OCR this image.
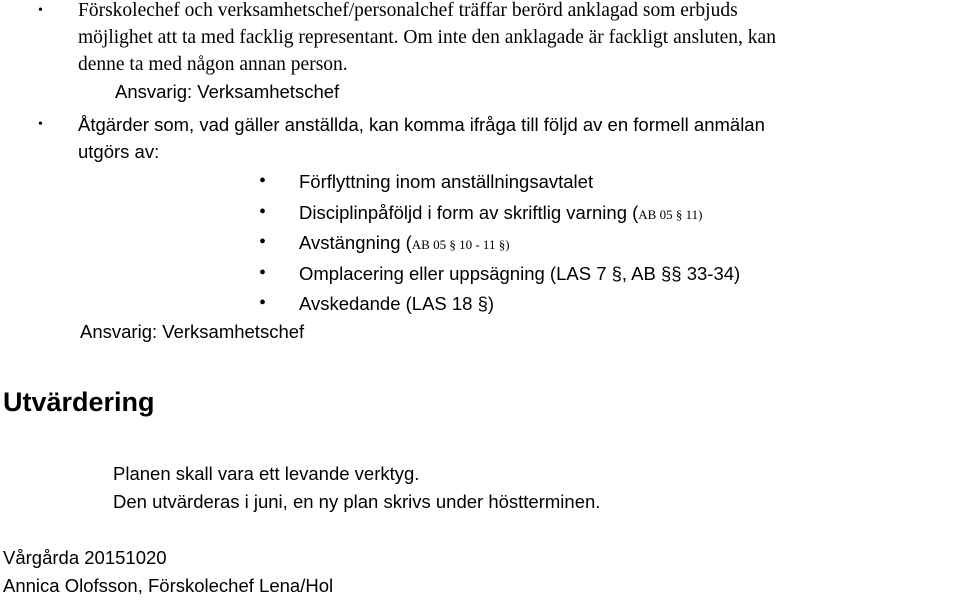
• Förskolechef och verksamhetschef/personalchef träffar berörd anklagad som erbjuds
möjlighet att ta med facklig representant. Om inte den anklagade är fackligt ansluten, kan
denne ta med någon annan person.
Ansvarig: Verksamhetschef
• Åtgärder som, vad gäller anställda, kan komma ifråga till följd av en formell anmälan
utgörs av:
• Förflyttning inom anställningsavtalet
• Disciplinpåföljd i form av skriftlig varning (AB 05 § 11)
• Avstängning (AB 05 § 10 - 11 §)
• Omplacering eller uppsägning (LAS 7 §, AB §§ 33-34)
• Avskedande (LAS 18 §)
Ansvarig: Verksamhetschef
Utvärdering
Planen skall vara ett levande verktyg.
Den utvärderas i juni, en ny plan skrivs under höstterminen.
Vårgårda 20151020
Annica Olofsson, Förskolechef Lena/Hol
